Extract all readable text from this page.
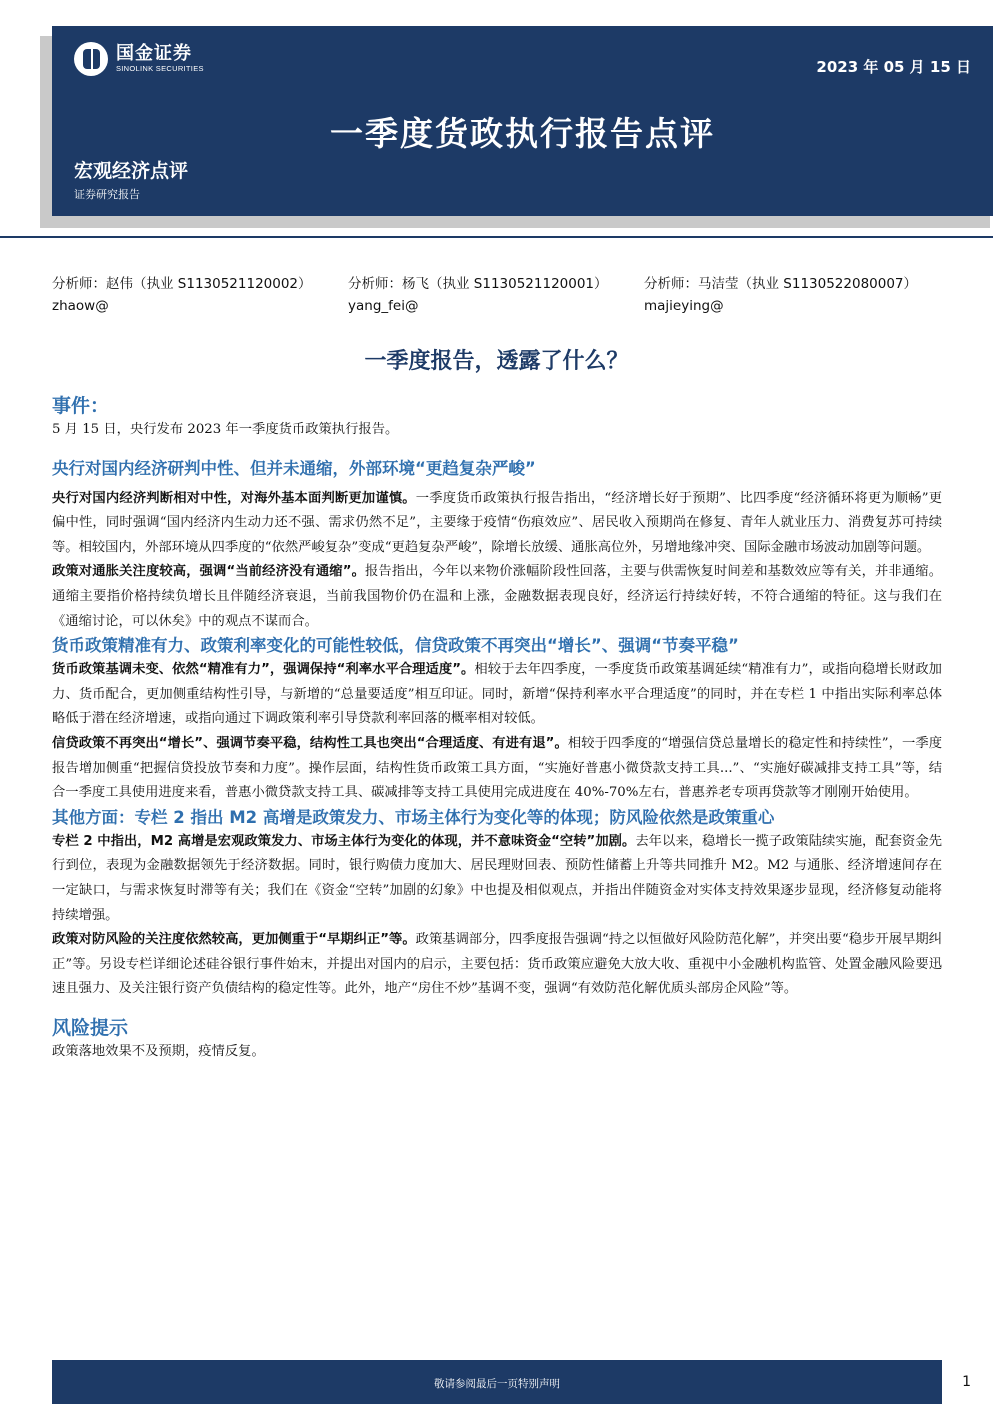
国金证券
SINOLINK SECURITIES	2023 年 05 月 15 日
一季度货政执行报告点评
宏观经济点评
证券研究报告
分析师：赵伟（执业 S1130521120002）
zhaow@
分析师：杨飞（执业 S1130521120001）
yang_fei@
分析师：马洁莹（执业 S1130522080007）
majieying@
一季度报告，透露了什么？
事件：

5 月 15 日，央行发布 2023 年一季度货币政策执行报告。

央行对国内经济研判中性、但并未通缩，外部环境“更趋复杂严峻”

央行对国内经济判断相对中性，对海外基本面判断更加谨慎。一季度货币政策执行报告指出，“经济增长好于预期”、比四季度“经济循环将更为顺畅”更偏中性，同时强调“国内经济内生动力还不强、需求仍然不足”，主要缘于疫情“伤痕效应”、居民收入预期尚在修复、青年人就业压力、消费复苏可持续等。相较国内，外部环境从四季度的“依然严峻复杂”变成“更趋复杂严峻”，除增长放缓、通胀高位外，另增地缘冲突、国际金融市场波动加剧等问题。

政策对通胀关注度较高，强调“当前经济没有通缩”。报告指出，今年以来物价涨幅阶段性回落，主要与供需恢复时间差和基数效应等有关，并非通缩。通缩主要指价格持续负增长且伴随经济衰退，当前我国物价仍在温和上涨，金融数据表现良好，经济运行持续好转，不符合通缩的特征。这与我们在《通缩讨论，可以休矣》中的观点不谋而合。

货币政策精准有力、政策利率变化的可能性较低，信贷政策不再突出“增长”、强调“节奏平稳”

货币政策基调未变、依然“精准有力”，强调保持“利率水平合理适度”。相较于去年四季度，一季度货币政策基调延续“精准有力”，或指向稳增长财政加力、货币配合，更加侧重结构性引导，与新增的“总量要适度”相互印证。同时，新增“保持利率水平合理适度”的同时，并在专栏 1 中指出实际利率总体略低于潜在经济增速，或指向通过下调政策利率引导贷款利率回落的概率相对较低。

信贷政策不再突出“增长”、强调节奏平稳，结构性工具也突出“合理适度、有进有退”。相较于四季度的“增强信贷总量增长的稳定性和持续性”，一季度报告增加侧重“把握信贷投放节奏和力度”。操作层面，结构性货币政策工具方面，“实施好普惠小微贷款支持工具...”、“实施好碳减排支持工具”等，结合一季度工具使用进度来看，普惠小微贷款支持工具、碳减排等支持工具使用完成进度在 40%-70%左右，普惠养老专项再贷款等才刚刚开始使用。

其他方面：专栏 2 指出 M2 高增是政策发力、市场主体行为变化等的体现；防风险依然是政策重心

专栏 2 中指出，M2 高增是宏观政策发力、市场主体行为变化的体现，并不意味资金“空转”加剧。去年以来，稳增长一揽子政策陆续实施，配套资金先行到位，表现为金融数据领先于经济数据。同时，银行购债力度加大、居民理财回表、预防性储蓄上升等共同推升 M2。M2 与通胀、经济增速间存在一定缺口，与需求恢复时滞等有关；我们在《资金“空转”加剧的幻象》中也提及相似观点，并指出伴随资金对实体支持效果逐步显现，经济修复动能将持续增强。

政策对防风险的关注度依然较高，更加侧重于“早期纠正”等。政策基调部分，四季度报告强调“持之以恒做好风险防范化解”，并突出要“稳步开展早期纠正”等。另设专栏详细论述硅谷银行事件始末，并提出对国内的启示，主要包括：货币政策应避免大放大收、重视中小金融机构监管、处置金融风险要迅速且强力、及关注银行资产负债结构的稳定性等。此外，地产“房住不炒”基调不变，强调“有效防范化解优质头部房企风险”等。

风险提示

政策落地效果不及预期，疫情反复。

敬请参阅最后一页特别声明	1
